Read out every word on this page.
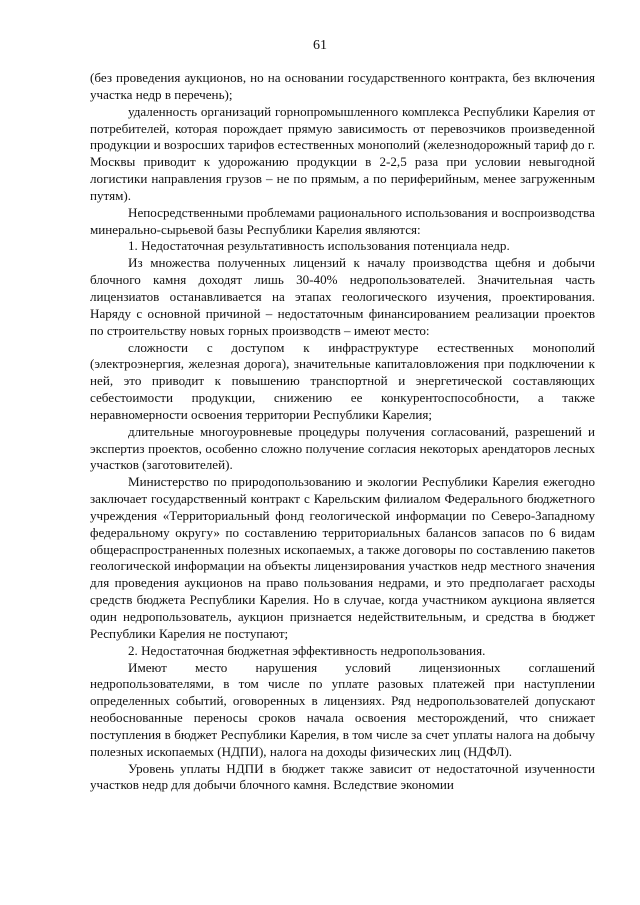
61

(без проведения аукционов, но на основании государственного контракта, без включения участка недр в перечень);

удаленность организаций горнопромышленного комплекса Республики Карелия от потребителей, которая порождает прямую зависимость от перевозчиков произведенной продукции и возросших тарифов естественных монополий (железнодорожный тариф до г. Москвы приводит к удорожанию продукции в 2-2,5 раза при условии невыгодной логистики направления грузов – не по прямым, а по периферийным, менее загруженным путям).

Непосредственными проблемами рационального использования и воспроизводства минерально-сырьевой базы Республики Карелия являются:

1. Недостаточная результативность использования потенциала недр.

Из множества полученных лицензий к началу производства щебня и добычи блочного камня доходят лишь 30-40% недропользователей. Значительная часть лицензиатов останавливается на этапах геологического изучения, проектирования. Наряду с основной причиной – недостаточным финансированием реализации проектов по строительству новых горных производств – имеют место:

сложности с доступом к инфраструктуре естественных монополий (электроэнергия, железная дорога), значительные капиталовложения при подключении к ней, это приводит к повышению транспортной и энергетической составляющих себестоимости продукции, снижению ее конкурентоспособности, а также неравномерности освоения территории Республики Карелия;

длительные многоуровневые процедуры получения согласований, разрешений и экспертиз проектов, особенно сложно получение согласия некоторых арендаторов лесных участков (заготовителей).

Министерство по природопользованию и экологии Республики Карелия ежегодно заключает государственный контракт с Карельским филиалом Федерального бюджетного учреждения «Территориальный фонд геологической информации по Северо-Западному федеральному округу» по составлению территориальных балансов запасов по 6 видам общераспространенных полезных ископаемых, а также договоры по составлению пакетов геологической информации на объекты лицензирования участков недр местного значения для проведения аукционов на право пользования недрами, и это предполагает расходы средств бюджета Республики Карелия. Но в случае, когда участником аукциона является один недропользователь, аукцион признается недействительным, и средства в бюджет Республики Карелия не поступают;

2. Недостаточная бюджетная эффективность недропользования.

Имеют место нарушения условий лицензионных соглашений недропользователями, в том числе по уплате разовых платежей при наступлении определенных событий, оговоренных в лицензиях. Ряд недропользователей допускают необоснованные переносы сроков начала освоения месторождений, что снижает поступления в бюджет Республики Карелия, в том числе за счет уплаты налога на добычу полезных ископаемых (НДПИ), налога на доходы физических лиц (НДФЛ).

Уровень уплаты НДПИ в бюджет также зависит от недостаточной изученности участков недр для добычи блочного камня. Вследствие экономии
